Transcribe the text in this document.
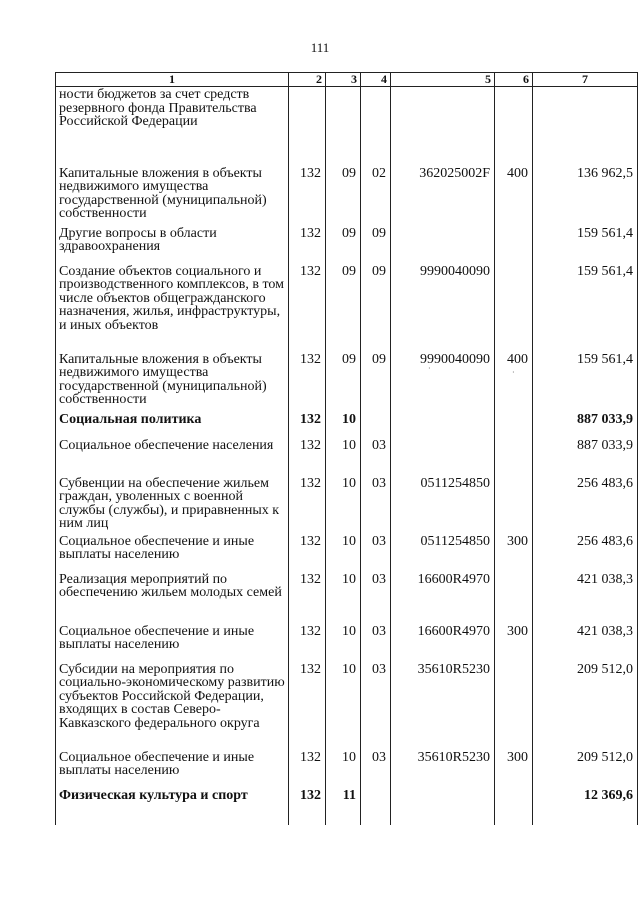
111
1	2	3	4	5	6	7
ности бюджетов за счет средств резервного фонда Правительства Российской Федерации						
Капитальные вложения в объекты недвижимого имущества государственной (муниципальной) собственности	132	09	02	362025002F	400	136 962,5
Другие вопросы в области здравоохранения	132	09	09			159 561,4
Создание объектов социального и производственного комплексов, в том числе объектов общегражданского назначения, жилья, инфраструктуры, и иных объектов	132	09	09	9990040090		159 561,4
Капитальные вложения в объекты недвижимого имущества государственной (муниципальной) собственности	132	09	09	9990040090	400	159 561,4
Социальная политика	132	10				887 033,9
Социальное обеспечение населения	132	10	03			887 033,9
Субвенции на обеспечение жильем граждан, уволенных с военной службы (службы), и приравненных к ним лиц	132	10	03	0511254850		256 483,6
Социальное обеспечение и иные выплаты населению	132	10	03	0511254850	300	256 483,6
Реализация мероприятий по обеспечению жильем молодых семей	132	10	03	16600R4970		421 038,3
Социальное обеспечение и иные выплаты населению	132	10	03	16600R4970	300	421 038,3
Субсидии на мероприятия по социально-экономическому развитию субъектов Российской Федерации, входящих в состав Северо-Кавказского федерального округа	132	10	03	35610R5230		209 512,0
Социальное обеспечение и иные выплаты населению	132	10	03	35610R5230	300	209 512,0
Физическая культура и спорт	132	11				12 369,6
·	·
